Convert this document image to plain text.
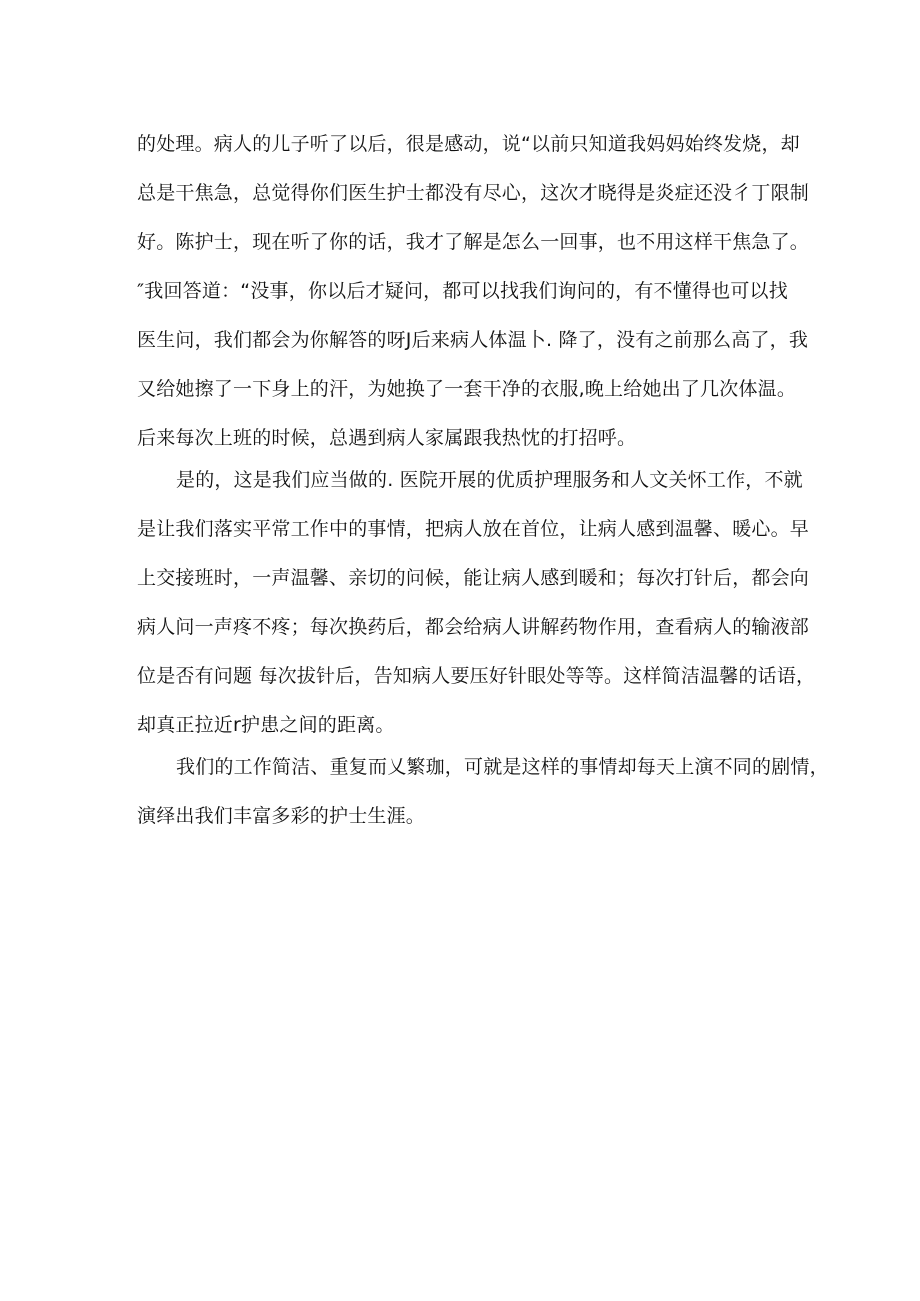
的处理。病人的儿子听了以后，很是感动，说“以前只知道我妈妈始终发烧，却
总是干焦急，总觉得你们医生护士都没有尽心，这次才晓得是炎症还没彳丁限制
好。陈护士，现在听了你的话，我才了解是怎么一回事，也不用这样干焦急了。
″我回答道：“没事，你以后才疑问，都可以找我们询问的，有不懂得也可以找
医生问，我们都会为你解答的呀J后来病人体温卜. 降了，没有之前那么高了，我
又给她擦了一下身上的汗，为她换了一套干净的衣服,晚上给她出了几次体温。
后来每次上班的时候，总遇到病人家属跟我热忱的打招呼。
是的，这是我们应当做的. 医院开展的优质护理服务和人文关怀工作，不就
是让我们落实平常工作中的事情，把病人放在首位，让病人感到温馨、暖心。早
上交接班时，一声温馨、亲切的问候，能让病人感到暖和；每次打针后，都会向
病人问一声疼不疼；每次换药后，都会给病人讲解药物作用，查看病人的输液部
位是否有问题 每次拔针后，告知病人要压好针眼处等等。这样简洁温馨的话语，
却真正拉近r护患之间的距离。
我们的工作简洁、重复而乂繁珈，可就是这样的事情却每天上演不同的剧情，
演绎出我们丰富多彩的护士生涯。
